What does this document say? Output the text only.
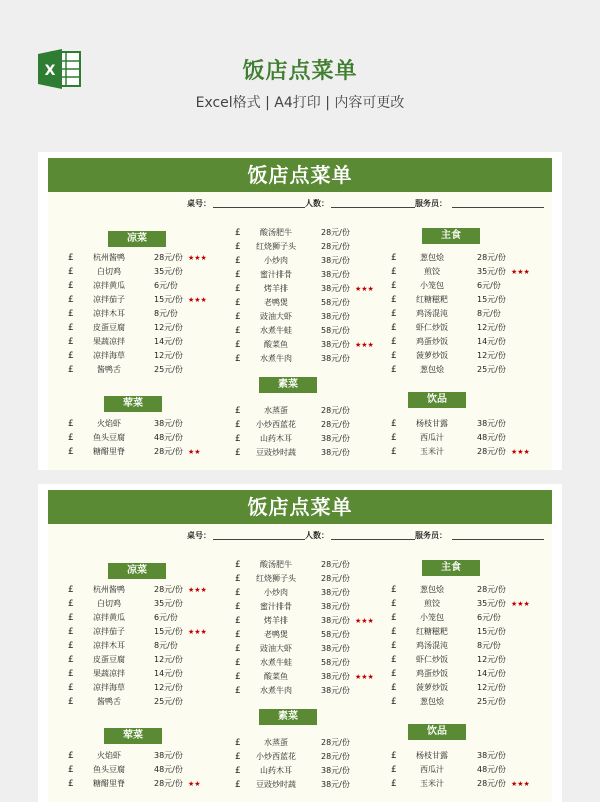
X	饭店点菜单
Excel格式 | A4打印 | 内容可更改
饭店点菜单
桌号：	人数：	服务员：
凉菜
£	杭州酱鸭	28元/份 ★★★
£	白切鸡	35元/份
£	凉拌黄瓜	6元/份
£	凉拌茄子	15元/份 ★★★
£	凉拌木耳	8元/份
£	皮蛋豆腐	12元/份
£	果蔬凉拌	14元/份
£	凉拌海草	12元/份
£	酱鸭舌	25元/份
£	酸汤肥牛	28元/份
£	红烧狮子头	28元/份
£	小炒肉	38元/份
£	蜜汁排骨	38元/份
£	烤羊排	38元/份 ★★★
£	老鸭煲	58元/份
£	豉油大虾	38元/份
£	水煮牛蛙	58元/份
£	酸菜鱼	38元/份 ★★★
£	水煮牛肉	38元/份
荤菜
£	火焰虾	38元/份
£	鱼头豆腐	48元/份
£	糖醋里脊	28元/份 ★★
素菜
£	水蒸蛋	28元/份
£	小炒西蓝花	28元/份
£	山药木耳	38元/份
£	豆豉炒时蔬	38元/份
主食
£	葱包烩	28元/份
£	煎饺	35元/份 ★★★
£	小笼包	6元/份
£	红糖糍粑	15元/份
£	鸡汤混沌	8元/份
£	虾仁炒饭	12元/份
£	鸡蛋炒饭	14元/份
£	菠萝炒饭	12元/份
£	葱包烩	25元/份
饮品
£	杨枝甘露	38元/份
£	西瓜汁	48元/份
£	玉米汁	28元/份 ★★★
饭店点菜单
桌号：	人数：	服务员：
凉菜
£	杭州酱鸭	28元/份 ★★★
£	白切鸡	35元/份
£	凉拌黄瓜	6元/份
£	凉拌茄子	15元/份 ★★★
£	凉拌木耳	8元/份
£	皮蛋豆腐	12元/份
£	果蔬凉拌	14元/份
£	凉拌海草	12元/份
£	酱鸭舌	25元/份
£	酸汤肥牛	28元/份
£	红烧狮子头	28元/份
£	小炒肉	38元/份
£	蜜汁排骨	38元/份
£	烤羊排	38元/份 ★★★
£	老鸭煲	58元/份
£	豉油大虾	38元/份
£	水煮牛蛙	58元/份
£	酸菜鱼	38元/份 ★★★
£	水煮牛肉	38元/份
荤菜
£	火焰虾	38元/份
£	鱼头豆腐	48元/份
£	糖醋里脊	28元/份 ★★
素菜
£	水蒸蛋	28元/份
£	小炒西蓝花	28元/份
£	山药木耳	38元/份
£	豆豉炒时蔬	38元/份
主食
£	葱包烩	28元/份
£	煎饺	35元/份 ★★★
£	小笼包	6元/份
£	红糖糍粑	15元/份
£	鸡汤混沌	8元/份
£	虾仁炒饭	12元/份
£	鸡蛋炒饭	14元/份
£	菠萝炒饭	12元/份
£	葱包烩	25元/份
饮品
£	杨枝甘露	38元/份
£	西瓜汁	48元/份
£	玉米汁	28元/份 ★★★
